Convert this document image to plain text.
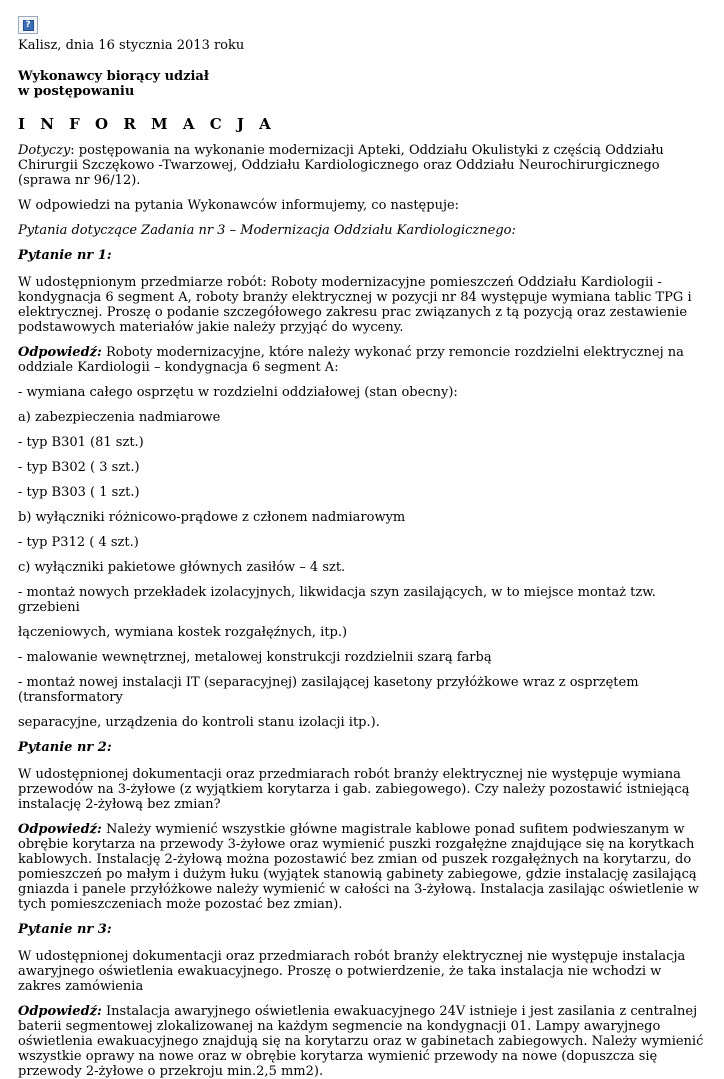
?

Kalisz, dnia 16 stycznia 2013 roku

Wykonawcy biorący udział

w postępowaniu

I N F O R M A C J A

Dotyczy: postępowania na wykonanie modernizacji Apteki, Oddziału Okulistyki z częścią Oddziału Chirurgii Szczękowo -Twarzowej, Oddziału Kardiologicznego oraz Oddziału Neurochirurgicznego (sprawa nr 96/12).

W odpowiedzi na pytania Wykonawców informujemy, co następuje:

Pytania dotyczące Zadania nr 3 – Modernizacja Oddziału Kardiologicznego:

Pytanie nr 1:

W udostępnionym przedmiarze robót: Roboty modernizacyjne pomieszczeń Oddziału Kardiologii - kondygnacja 6 segment A, roboty branży elektrycznej w pozycji nr 84 występuje wymiana tablic TPG i elektrycznej. Proszę o podanie szczegółowego zakresu prac związanych z tą pozycją oraz zestawienie podstawowych materiałów jakie należy przyjąć do wyceny.

Odpowiedź: Roboty modernizacyjne, które należy wykonać przy remoncie rozdzielni elektrycznej na oddziale Kardiologii – kondygnacja 6 segment A:

- wymiana całego osprzętu w rozdzielni oddziałowej (stan obecny):

a) zabezpieczenia nadmiarowe

- typ B301 (81 szt.)

- typ B302 ( 3 szt.)

- typ B303 ( 1 szt.)

b) wyłączniki różnicowo-prądowe z członem nadmiarowym

- typ P312 ( 4 szt.)

c) wyłączniki pakietowe głównych zasiłów – 4 szt.

- montaż nowych przekładek izolacyjnych, likwidacja szyn zasilających, w to miejsce montaż tzw. grzebieni

łączeniowych, wymiana kostek rozgałęźnych, itp.)

- malowanie wewnętrznej, metalowej konstrukcji rozdzielnii szarą farbą

- montaż nowej instalacji IT (separacyjnej) zasilającej kasetony przyłóżkowe wraz z osprzętem (transformatory

separacyjne, urządzenia do kontroli stanu izolacji itp.).

Pytanie nr 2:

W udostępnionej dokumentacji oraz przedmiarach robót branży elektrycznej nie występuje wymiana przewodów na 3-żyłowe (z wyjątkiem korytarza i gab. zabiegowego). Czy należy pozostawić istniejącą instalację 2-żyłową bez zmian?

Odpowiedź: Należy wymienić wszystkie główne magistrale kablowe ponad sufitem podwieszanym w obrębie korytarza na przewody 3-żyłowe oraz wymienić puszki rozgałężne znajdujące się na korytkach kablowych. Instalację 2-żyłową można pozostawić bez zmian od puszek rozgałężnych na korytarzu, do pomieszczeń po małym i dużym łuku (wyjątek stanowią gabinety zabiegowe, gdzie instalację zasilającą gniazda i panele przyłóżkowe należy wymienić w całości na 3-żyłową. Instalacja zasilając oświetlenie w tych pomieszczeniach może pozostać bez zmian).

Pytanie nr 3:

W udostępnionej dokumentacji oraz przedmiarach robót branży elektrycznej nie występuje instalacja awaryjnego oświetlenia ewakuacyjnego. Proszę o potwierdzenie, że taka instalacja nie wchodzi w zakres zamówienia

Odpowiedź: Instalacja awaryjnego oświetlenia ewakuacyjnego 24V istnieje i jest zasilania z centralnej baterii segmentowej zlokalizowanej na każdym segmencie na kondygnacji 01. Lampy awaryjnego oświetlenia ewakuacyjnego znajdują się na korytarzu oraz w gabinetach zabiegowych. Należy wymienić wszystkie oprawy na nowe oraz w obrębie korytarza wymienić przewody na nowe (dopuszcza się przewody 2-żyłowe o przekroju min.2,5 mm2).
